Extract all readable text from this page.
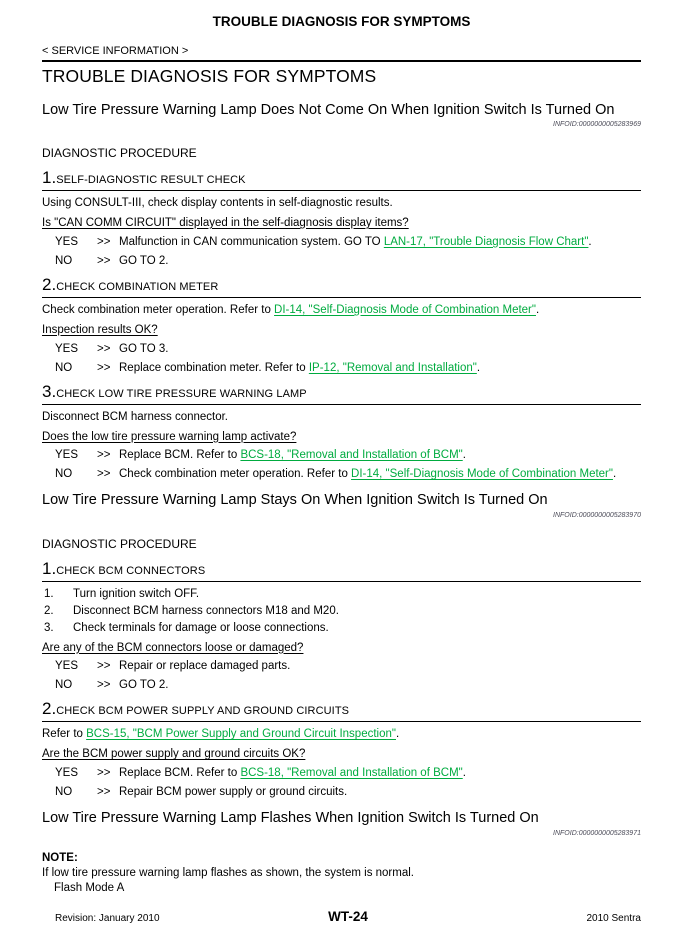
TROUBLE DIAGNOSIS FOR SYMPTOMS
< SERVICE INFORMATION >
TROUBLE DIAGNOSIS FOR SYMPTOMS
Low Tire Pressure Warning Lamp Does Not Come On When Ignition Switch Is Turned On
INFOID:0000000005283969
DIAGNOSTIC PROCEDURE
1. SELF-DIAGNOSTIC RESULT CHECK

Using CONSULT-III, check display contents in self-diagnostic results.

Is "CAN COMM CIRCUIT" displayed in the self-diagnosis display items?

YES	>> Malfunction in CAN communication system. GO TO LAN-17, "Trouble Diagnosis Flow Chart".
NO	>> GO TO 2.
2. CHECK COMBINATION METER

Check combination meter operation. Refer to DI-14, "Self-Diagnosis Mode of Combination Meter".

Inspection results OK?

YES	>> GO TO 3.
NO	>> Replace combination meter. Refer to IP-12, "Removal and Installation".
3. CHECK LOW TIRE PRESSURE WARNING LAMP

Disconnect BCM harness connector.

Does the low tire pressure warning lamp activate?

YES	>> Replace BCM. Refer to BCS-18, "Removal and Installation of BCM".
NO	>> Check combination meter operation. Refer to DI-14, "Self-Diagnosis Mode of Combination Meter".
Low Tire Pressure Warning Lamp Stays On When Ignition Switch Is Turned On
INFOID:0000000005283970
DIAGNOSTIC PROCEDURE
1. CHECK BCM CONNECTORS
1.	Turn ignition switch OFF.
2.	Disconnect BCM harness connectors M18 and M20.
3.	Check terminals for damage or loose connections.

Are any of the BCM connectors loose or damaged?

YES	>> Repair or replace damaged parts.
NO	>> GO TO 2.
2. CHECK BCM POWER SUPPLY AND GROUND CIRCUITS

Refer to BCS-15, "BCM Power Supply and Ground Circuit Inspection".

Are the BCM power supply and ground circuits OK?

YES	>> Replace BCM. Refer to BCS-18, "Removal and Installation of BCM".
NO	>> Repair BCM power supply or ground circuits.
Low Tire Pressure Warning Lamp Flashes When Ignition Switch Is Turned On
INFOID:0000000005283971
NOTE:
If low tire pressure warning lamp flashes as shown, the system is normal.
Flash Mode A
Revision: January 2010	WT-24	2010 Sentra
